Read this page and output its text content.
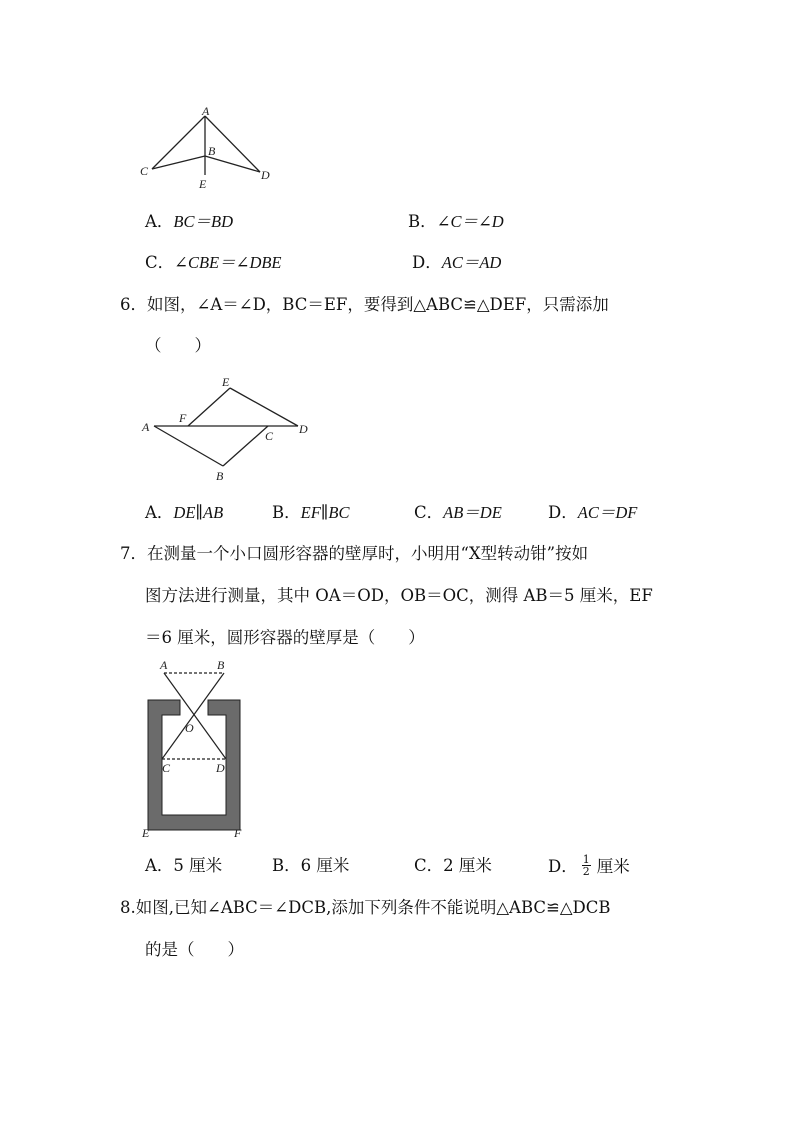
A
B
C	D
E
A．BC＝BD	B．∠C＝∠D
C．∠CBE＝∠DBE	D．AC＝AD
6．如图，∠A＝∠D，BC＝EF，要得到△ABC≌△DEF，只需添加
（　　）
E
F
A
C D
B
A．DE∥AB	B．EF∥BC	C．AB＝DE	D．AC＝DF
7．在测量一个小口圆形容器的壁厚时，小明用“X型转动钳”按如
图方法进行测量，其中 OA＝OD，OB＝OC，测得 AB＝5 厘米，EF
＝6 厘米，圆形容器的壁厚是（　　）
A	B
O
C	D
E	F
A．5 厘米	B．6 厘米	C．2 厘米	D． $\frac{1}{2}$ 厘米
8.如图,已知∠ABC＝∠DCB,添加下列条件不能说明△ABC≌△DCB
的是（　　）
